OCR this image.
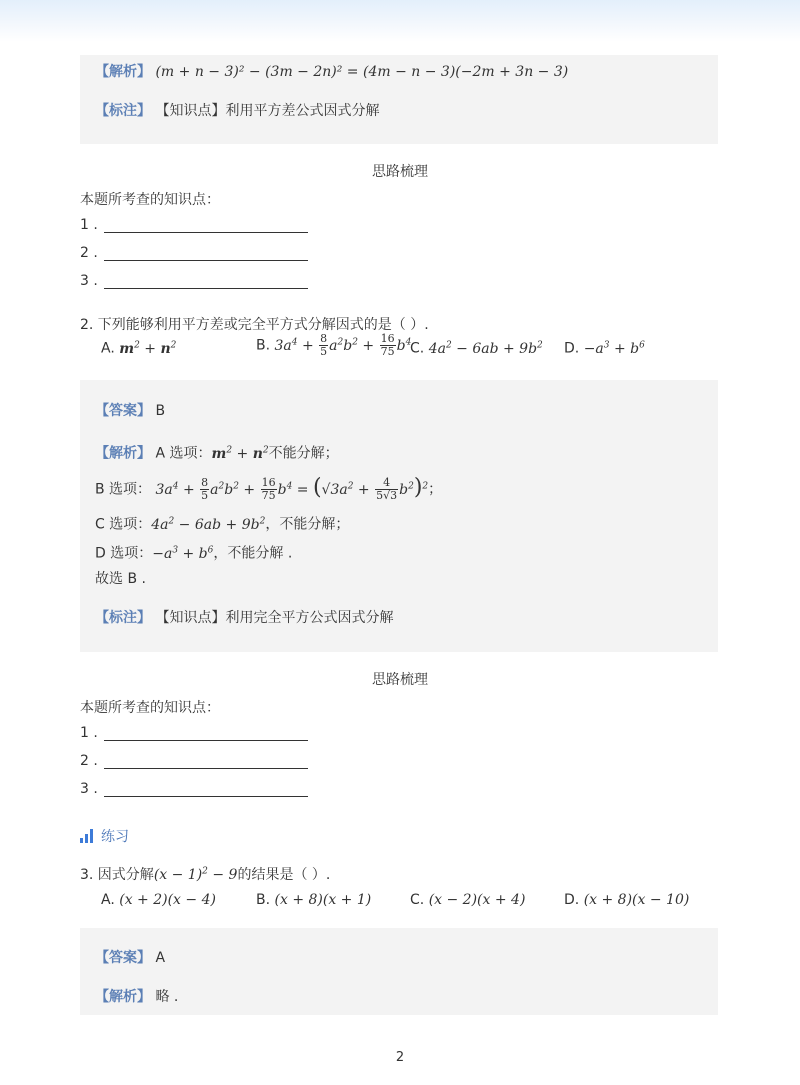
【解析】 (m + n − 3)² − (3m − 2n)² = (4m − n − 3)(−2m + 3n − 3)
【标注】 【知识点】利用平方差公式因式分解
思路梳理
本题所考查的知识点：
1 .
2 .
3 .
2. 下列能够利用平方差或完全平方式分解因式的是（ ）.
A. $m^2 + n^2$	B. $3a^4 + \frac{8}{5} a^2b^2 + \frac{16}{75} b^4$
C. $4a^2 - 6ab + 9b^2$ D. $-a^3 + b^6$
【答案】 B
【解析】 A 选项：$m^2 + n^2$不能分解；
B 选项： $3a^4 + \frac{8}{5} a^2b^2 + \frac{16}{75} b^4 = (√3a^2 + \frac{4}{5√3} b^2)^2$；
C 选项：$4a^2 - 6ab + 9b^2$，不能分解；
D 选项：$-a^3 + b^6$，不能分解 .
故选 B .
【标注】 【知识点】利用完全平方公式因式分解
思路梳理
本题所考查的知识点：
1 .
2 .
3 .
练习
3. 因式分解$(x - 1)^2 - 9$的结果是（ ）.
A. (x + 2)(x − 4)	B. (x + 8)(x + 1)	C. (x − 2)(x + 4)	D. (x + 8)(x − 10)
【答案】 A
【解析】 略 .
2
